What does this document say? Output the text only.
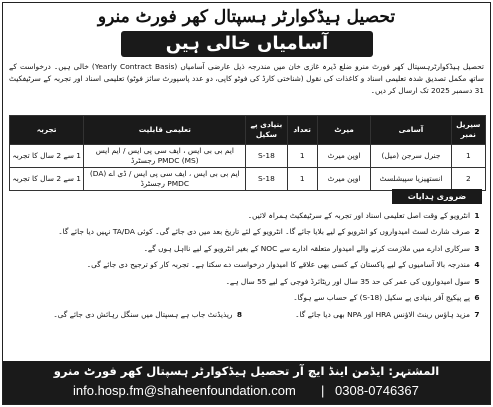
تحصیل ہیڈکوارٹر ہسپتال کھر فورٹ منرو
آسامیاں خالی ہیں
تحصیل ہیڈکوارٹرہسپتال کھر فورٹ منرو ضلع ڈیرہ غازی خان میں مندرجہ ذیل عارضی آسامیاں (Yearly Contract Basis) خالی ہیں۔ درخواست کے ساتھ مکمل تصدیق شدہ تعلیمی اسناد و کاغذات کی نقول (شناختی کارڈ کی فوٹو کاپی، دو عدد پاسپورٹ سائز فوٹو) تعلیمی اسناد اور تجربہ کے سرٹیفکیٹ 31 دسمبر 2025 تک ارسال کر دیں۔
سیریل نمبر	آسامی	میرٹ	تعداد	بنیادی پے سکیل	تعلیمی قابلیت	تجربہ
1	جنرل سرجن (میل)	اوپن میرٹ	1	S-18	ایم بی بی ایس ، ایف سی پی ایس / ایم ایس (MS) PMDC رجسٹرڈ	1 سے 2 سال کا تجربہ
2	انستھیزیا سپیشلسٹ	اوپن میرٹ	1	S-18	ایم بی بی ایس ، ایف سی پی ایس / ڈی اے (DA) PMDC رجسٹرڈ	1 سے 2 سال کا تجربہ
ضروری ہدایات
1
انٹرویو کے وقت اصل تعلیمی اسناد اور تجربہ کے سرٹیفکیٹ ہمراہ لائیں۔
2
صرف شارٹ لسٹ امیدواروں کو انٹرویو کے لیے بلایا جائے گا۔ انٹرویو کے لئے تاریخ بعد میں دی جائے گی۔ کوئی TA/DA نہیں دیا جائے گا۔
3
سرکاری ادارے میں ملازمت کرنے والے امیدوار متعلقہ ادارے سے NOC کے بغیر انٹرویو کے لیے نااہل ہوں گے۔
4
مندرجہ بالا آسامیوں کے لیے پاکستان کے کسی بھی علاقے کا امیدوار درخواست دے سکتا ہے۔ تجربہ کار کو ترجیح دی جائے گی۔
5
سول امیدواروں کی عمر کی حد 35 سال اور ریٹائرڈ فوجی کے لیے 55 سال ہے۔
6
پے پیکیج آفر بنیادی پے سکیل (S-18) کے حساب سے ہوگا۔
7
مزید ہاؤس رینٹ الاؤنس HRA اور NPA بھی دیا جائے گا۔
8
ریذیڈنٹ جاب ہے ہسپتال میں سنگل رہائش دی جائے گی۔
المشتہر: ایڈمن اینڈ ایچ آر تحصیل ہیڈکوارٹر ہسپتال کھر فورٹ منرو
info.hosp.fm@shaheenfoundation.com | 0308-0746367
